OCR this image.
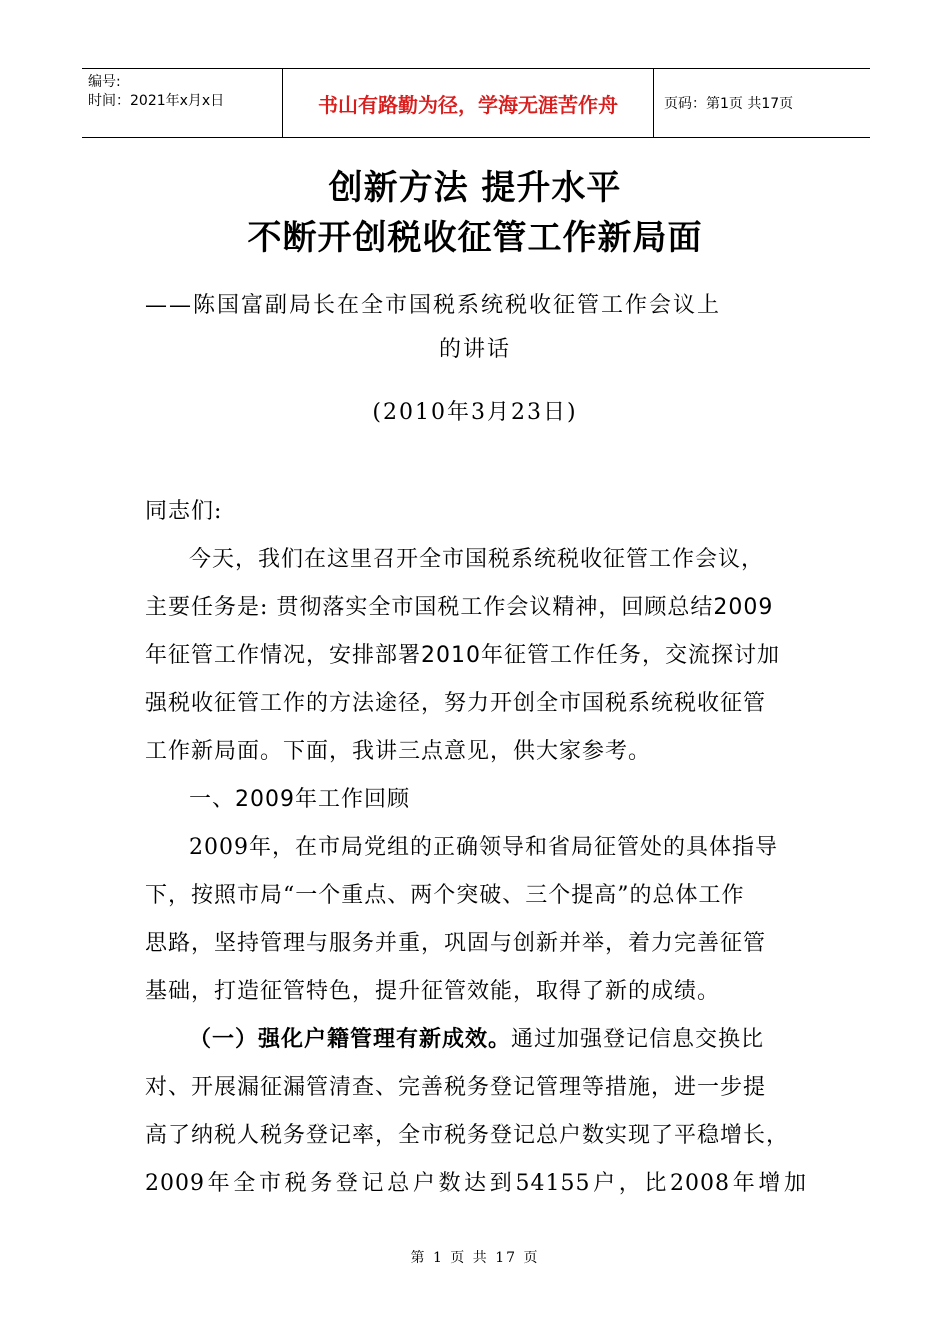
编号:
时间：2021年x月x日	书山有路勤为径，学海无涯苦作舟	页码：第1页 共17页
创新方法 提升水平
不断开创税收征管工作新局面
——陈国富副局长在全市国税系统税收征管工作会议上
的讲话
(2010年3月23日)

同志们:

今天，我们在这里召开全市国税系统税收征管工作会议，

主要任务是: 贯彻落实全市国税工作会议精神，回顾总结2009

年征管工作情况，安排部署2010年征管工作任务，交流探讨加

强税收征管工作的方法途径，努力开创全市国税系统税收征管

工作新局面。下面，我讲三点意见，供大家参考。

一、2009年工作回顾

2009年，在市局党组的正确领导和省局征管处的具体指导

下，按照市局“一个重点、两个突破、三个提高”的总体工作

思路，坚持管理与服务并重，巩固与创新并举，着力完善征管

基础，打造征管特色，提升征管效能，取得了新的成绩。

（一）强化户籍管理有新成效。通过加强登记信息交换比

对、开展漏征漏管清查、完善税务登记管理等措施，进一步提

高了纳税人税务登记率，全市税务登记总户数实现了平稳增长，

2009年全市税务登记总户数达到54155户，比2008年增加

第 1 页 共 17 页
